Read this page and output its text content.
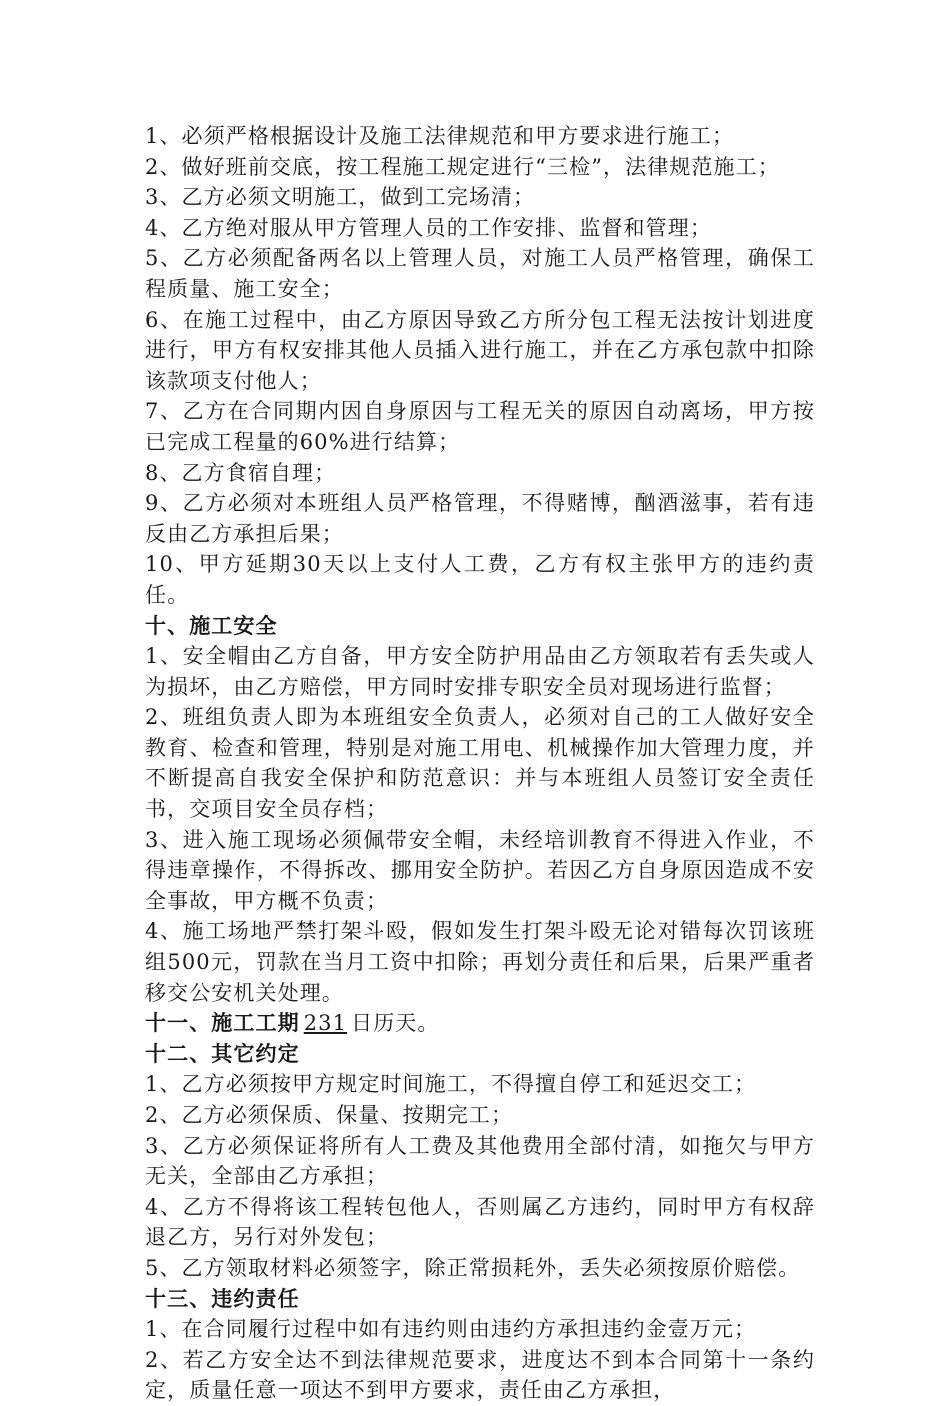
1、必须严格根据设计及施工法律规范和甲方要求进行施工；

2、做好班前交底，按工程施工规定进行“三检”，法律规范施工；

3、乙方必须文明施工，做到工完场清；

4、乙方绝对服从甲方管理人员的工作安排、监督和管理；

5、乙方必须配备两名以上管理人员，对施工人员严格管理，确保工程质量、施工安全；

6、在施工过程中，由乙方原因导致乙方所分包工程无法按计划进度进行，甲方有权安排其他人员插入进行施工，并在乙方承包款中扣除该款项支付他人；

7、乙方在合同期内因自身原因与工程无关的原因自动离场，甲方按已完成工程量的60%进行结算；

8、乙方食宿自理；

9、乙方必须对本班组人员严格管理，不得赌博，酗酒滋事，若有违反由乙方承担后果；

10、甲方延期30天以上支付人工费，乙方有权主张甲方的违约责任。

十、施工安全

1、安全帽由乙方自备，甲方安全防护用品由乙方领取若有丢失或人为损坏，由乙方赔偿，甲方同时安排专职安全员对现场进行监督；

2、班组负责人即为本班组安全负责人，必须对自己的工人做好安全教育、检查和管理，特别是对施工用电、机械操作加大管理力度，并不断提高自我安全保护和防范意识：并与本班组人员签订安全责任书，交项目安全员存档；

3、进入施工现场必须佩带安全帽，未经培训教育不得进入作业，不得违章操作，不得拆改、挪用安全防护。若因乙方自身原因造成不安全事故，甲方概不负责；

4、施工场地严禁打架斗殴，假如发生打架斗殴无论对错每次罚该班组500元，罚款在当月工资中扣除；再划分责任和后果，后果严重者移交公安机关处理。

十一、施工工期 231 日历天。

十二、其它约定

1、乙方必须按甲方规定时间施工，不得擅自停工和延迟交工；

2、乙方必须保质、保量、按期完工；

3、乙方必须保证将所有人工费及其他费用全部付清，如拖欠与甲方无关，全部由乙方承担；

4、乙方不得将该工程转包他人，否则属乙方违约，同时甲方有权辞退乙方，另行对外发包；

5、乙方领取材料必须签字，除正常损耗外，丢失必须按原价赔偿。

十三、违约责任

1、在合同履行过程中如有违约则由违约方承担违约金壹万元；

2、若乙方安全达不到法律规范要求，进度达不到本合同第十一条约定，质量任意一项达不到甲方要求，责任由乙方承担，
